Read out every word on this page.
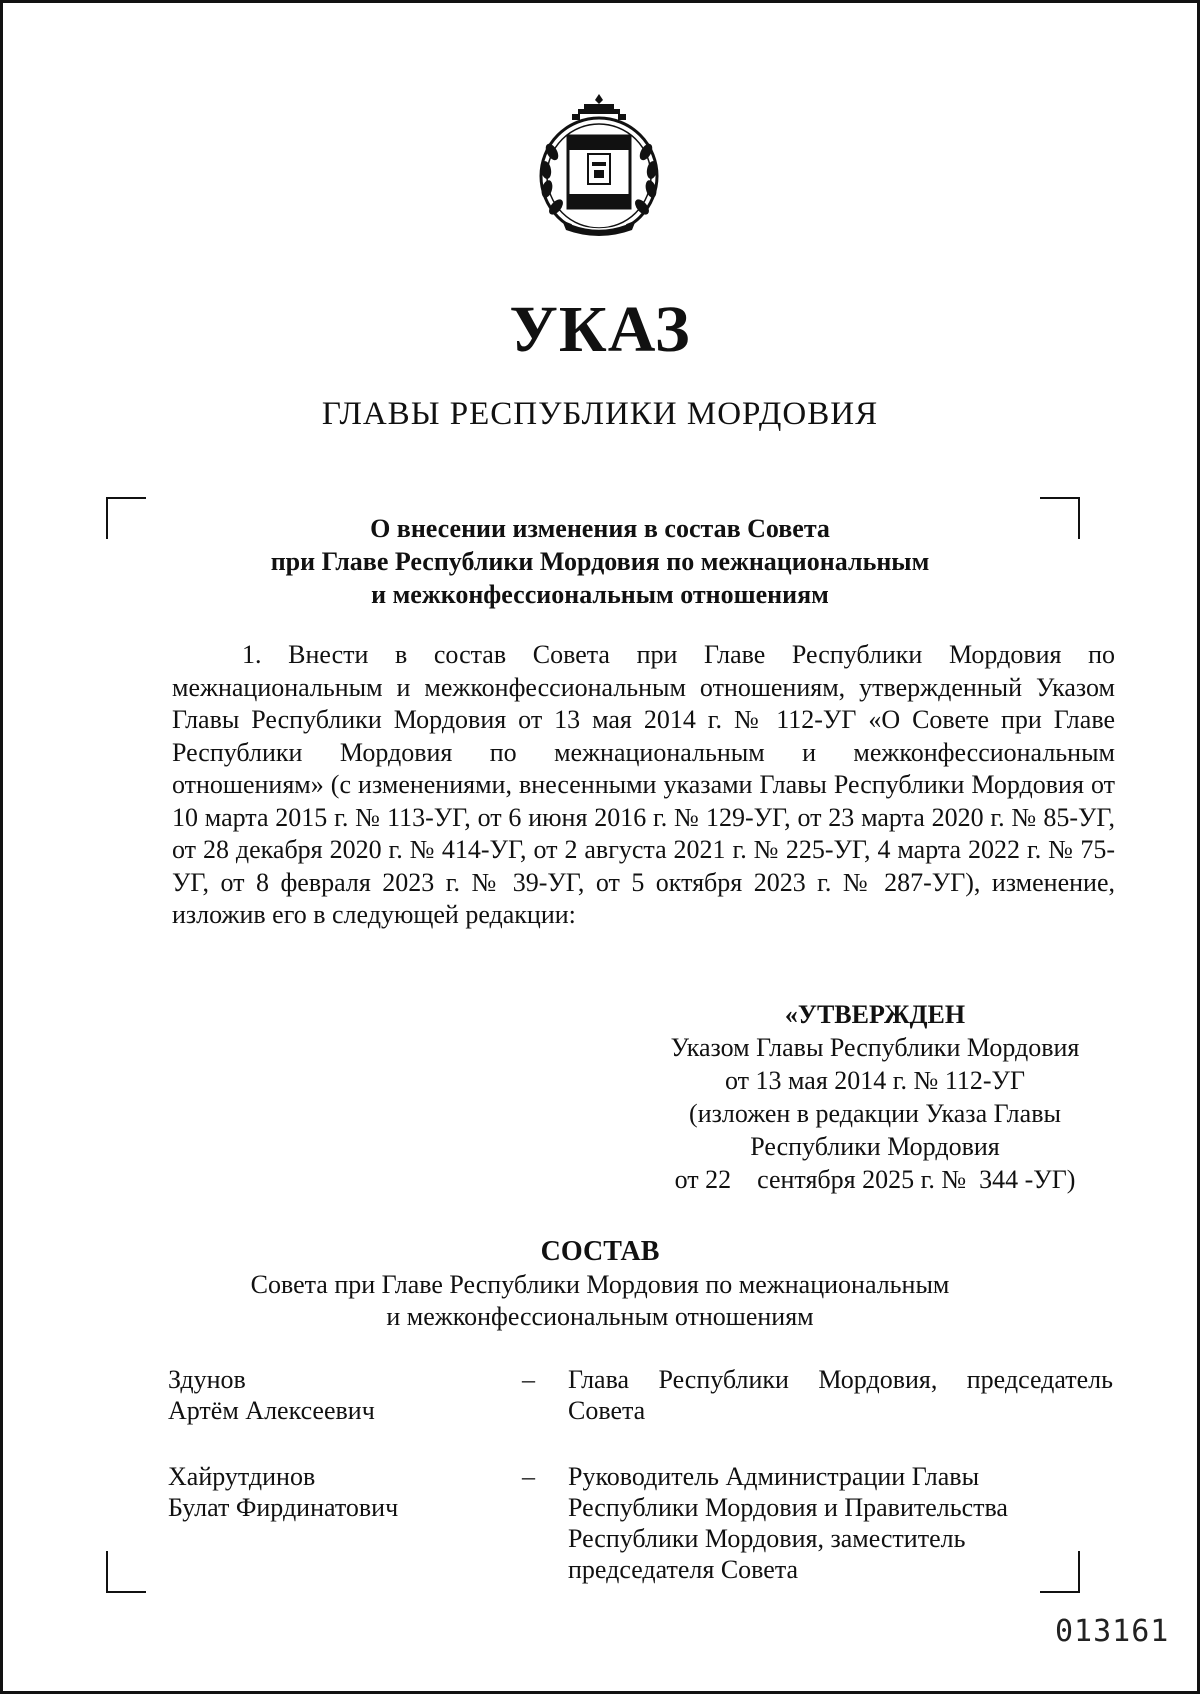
УКАЗ
ГЛАВЫ РЕСПУБЛИКИ МОРДОВИЯ
О внесении изменения в состав Совета
при Главе Республики Мордовия по межнациональным
и межконфессиональным отношениям
1. Внести в состав Совета при Главе Республики Мордовия по межнациональным и межконфессиональным отношениям, утвержденный Указом Главы Республики Мордовия от 13 мая 2014 г. № 112-УГ «О Совете при Главе Республики Мордовия по межнациональным и межконфессиональным отношениям» (с изменениями, внесенными указами Главы Республики Мордовия от 10 марта 2015 г. № 113-УГ, от 6 июня 2016 г. № 129-УГ, от 23 марта 2020 г. № 85-УГ, от 28 декабря 2020 г. № 414-УГ, от 2 августа 2021 г. № 225-УГ, 4 марта 2022 г. № 75-УГ, от 8 февраля 2023 г. № 39-УГ, от 5 октября 2023 г. № 287-УГ), изменение, изложив его в следующей редакции:
«УТВЕРЖДЕН
Указом Главы Республики Мордовия
от 13 мая 2014 г. № 112-УГ
(изложен в редакции Указа Главы
Республики Мордовия
от 22    сентября 2025 г. №  344 -УГ)
СОСТАВ
Совета при Главе Республики Мордовия по межнациональным
и межконфессиональным отношениям
Здунов
Артём Алексеевич
– Глава Республики Мордовия, председатель Совета
Хайрутдинов
Булат Фирдинатович
– Руководитель Администрации Главы Республики Мордовия и Правительства Республики Мордовия, заместитель председателя Совета
013161
